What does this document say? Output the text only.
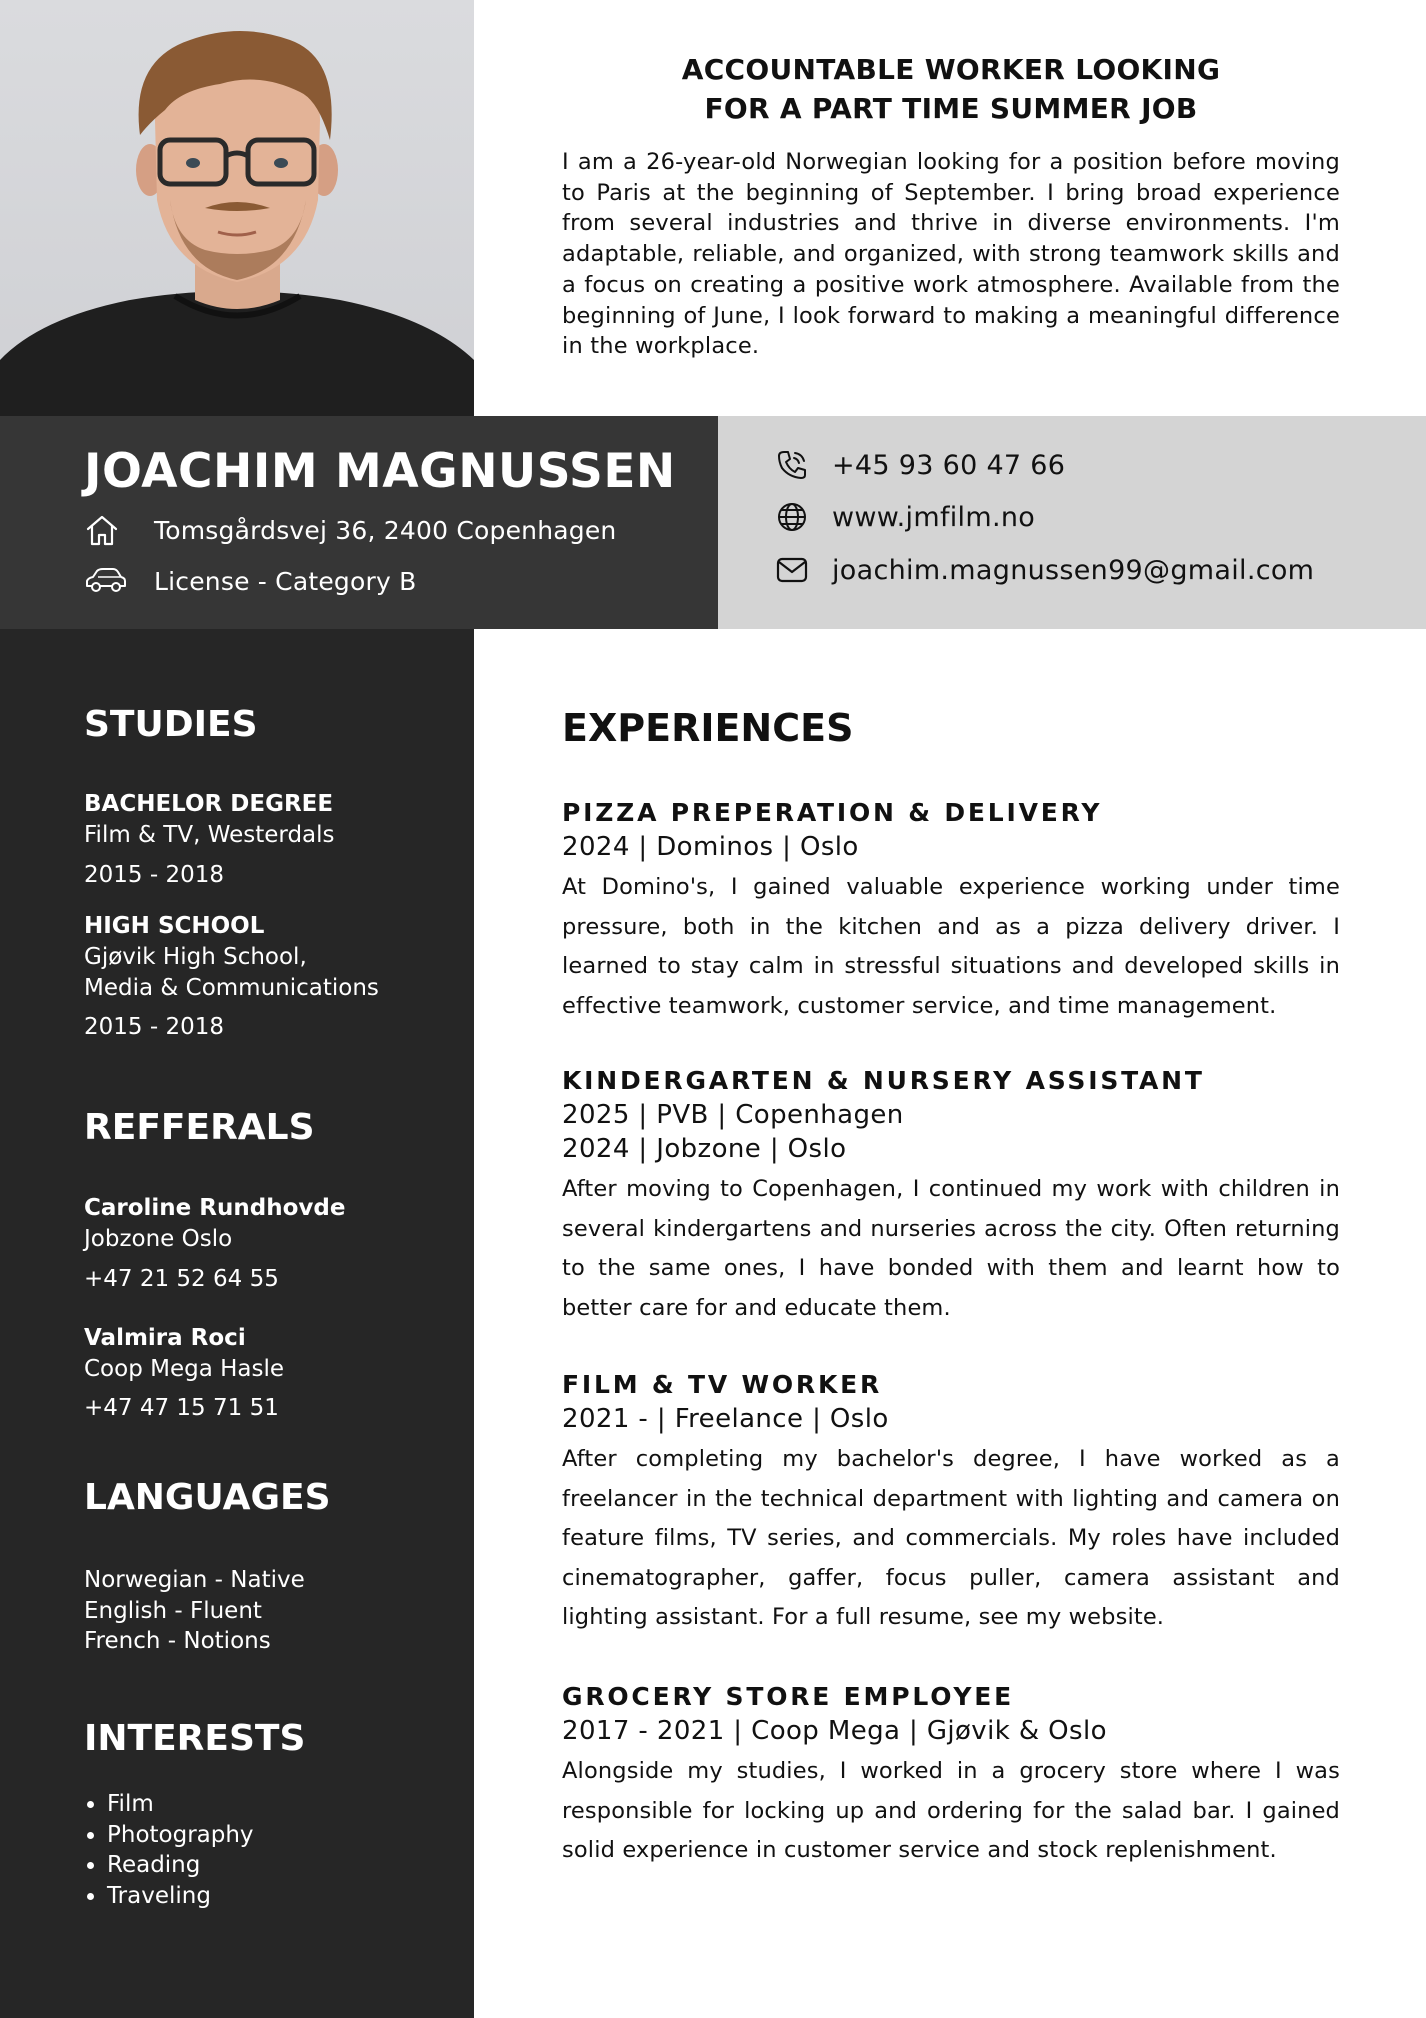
ACCOUNTABLE WORKER LOOKING
FOR A PART TIME SUMMER JOB

I am a 26-year-old Norwegian looking for a position before moving to Paris at the beginning of September. I bring broad experience from several industries and thrive in diverse environments. I'm adaptable, reliable, and organized, with strong teamwork skills and a focus on creating a positive work atmosphere. Available from the beginning of June, I look forward to making a meaningful difference in the workplace.

JOACHIM MAGNUSSEN
Tomsgårdsvej 36, 2400 Copenhagen
License - Category B
+45 93 60 47 66
www.jmfilm.no
joachim.magnussen99@gmail.com
STUDIES
BACHELOR DEGREE
Film & TV, Westerdals
2015 - 2018
HIGH SCHOOL
Gjøvik High School,
Media & Communications
2015 - 2018
REFFERALS
Caroline Rundhovde
Jobzone Oslo
+47 21 52 64 55
Valmira Roci
Coop Mega Hasle
+47 47 15 71 51
LANGUAGES
Norwegian - Native
English - Fluent
French - Notions
INTERESTS
• Film
• Photography
• Reading
• Traveling
EXPERIENCES
PIZZA PREPERATION & DELIVERY
2024 | Dominos | Oslo

At Domino's, I gained valuable experience working under time pressure, both in the kitchen and as a pizza delivery driver. I learned to stay calm in stressful situations and developed skills in effective teamwork, customer service, and time management.

KINDERGARTEN & NURSERY ASSISTANT
2025 | PVB | Copenhagen
2024 | Jobzone | Oslo

After moving to Copenhagen, I continued my work with children in several kindergartens and nurseries across the city. Often returning to the same ones, I have bonded with them and learnt how to better care for and educate them.

FILM & TV WORKER
2021 - | Freelance | Oslo

After completing my bachelor's degree, I have worked as a freelancer in the technical department with lighting and camera on feature films, TV series, and commercials. My roles have included cinematographer, gaffer, focus puller, camera assistant and lighting assistant. For a full resume, see my website.

GROCERY STORE EMPLOYEE
2017 - 2021 | Coop Mega | Gjøvik & Oslo

Alongside my studies, I worked in a grocery store where I was responsible for locking up and ordering for the salad bar. I gained solid experience in customer service and stock replenishment.
